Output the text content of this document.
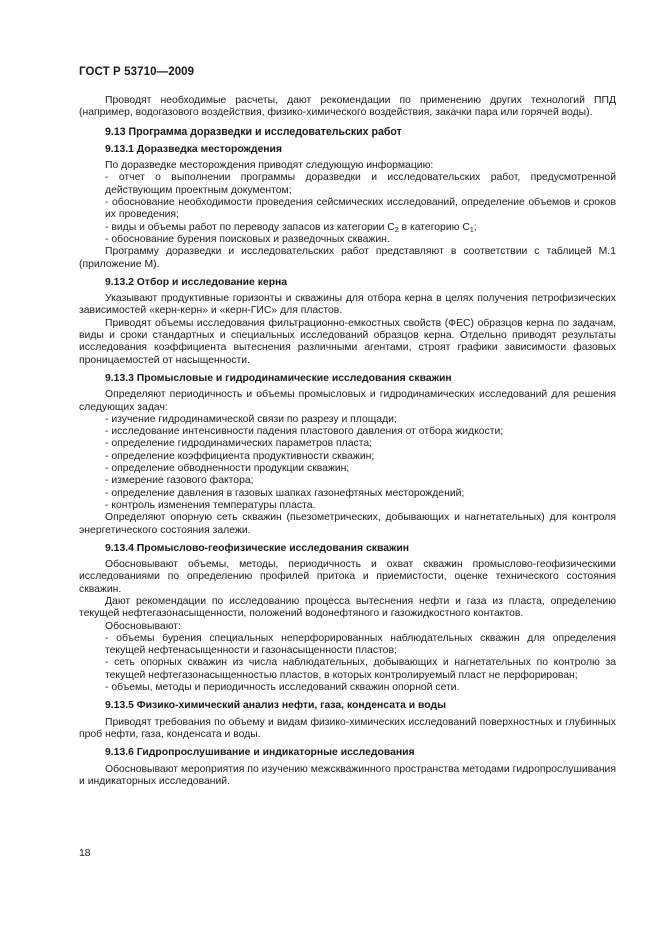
ГОСТ Р 53710—2009

Проводят необходимые расчеты, дают рекомендации по применению других технологий ППД (например, водогазового воздействия, физико-химического воздействия, закачки пара или горячей воды).

9.13 Программа доразведки и исследовательских работ
9.13.1 Доразведка месторождения

По доразведке месторождения приводят следующую информацию:

- отчет о выполнении программы доразведки и исследовательских работ, предусмотренной действующим проектным документом;

- обоснование необходимости проведения сейсмических исследований, определение объемов и сроков их проведения;

- виды и объемы работ по переводу запасов из категории $C_2$ в категорию $C_1$;

- обоснование бурения поисковых и разведочных скважин.

Программу доразведки и исследовательских работ представляют в соответствии с таблицей М.1 (приложение М).

9.13.2 Отбор и исследование керна

Указывают продуктивные горизонты и скважины для отбора керна в целях получения петрофизических зависимостей «керн-керн» и «керн-ГИС» для пластов.

Приводят объемы исследования фильтрационно-емкостных свойств (ФЕС) образцов керна по задачам, виды и сроки стандартных и специальных исследований образцов керна. Отдельно приводят результаты исследования коэффициента вытеснения различными агентами, строят графики зависимости фазовых проницаемостей от насыщенности.

9.13.3 Промысловые и гидродинамические исследования скважин

Определяют периодичность и объемы промысловых и гидродинамических исследований для решения следующих задач:

- изучение гидродинамической связи по разрезу и площади;

- исследование интенсивности падения пластового давления от отбора жидкости;

- определение гидродинамических параметров пласта;

- определение коэффициента продуктивности скважин;

- определение обводненности продукции скважин;

- измерение газового фактора;

- определение давления в газовых шапках газонефтяных месторождений;

- контроль изменения температуры пласта.

Определяют опорную сеть скважин (пьезометрических, добывающих и нагнетательных) для контроля энергетического состояния залежи.

9.13.4 Промыслово-геофизические исследования скважин

Обосновывают объемы, методы, периодичность и охват скважин промыслово-геофизическими исследованиями по определению профилей притока и приемистости, оценке технического состояния скважин.

Дают рекомендации по исследованию процесса вытеснения нефти и газа из пласта, определению текущей нефтегазонасыщенности, положений водонефтяного и газожидкостного контактов.

Обосновывают:

- объемы бурения специальных неперфорированных наблюдательных скважин для определения текущей нефтенасыщенности и газонасыщенности пластов;

- сеть опорных скважин из числа наблюдательных, добывающих и нагнетательных по контролю за текущей нефтегазонасыщенностью пластов, в которых контролируемый пласт не перфорирован;

- объемы, методы и периодичность исследований скважин опорной сети.

9.13.5 Физико-химический анализ нефти, газа, конденсата и воды

Приводят требования по объему и видам физико-химических исследований поверхностных и глубинных проб нефти, газа, конденсата и воды.

9.13.6 Гидропрослушивание и индикаторные исследования

Обосновывают мероприятия по изучению межскважинного пространства методами гидропрослушивания и индикаторных исследований.

18
